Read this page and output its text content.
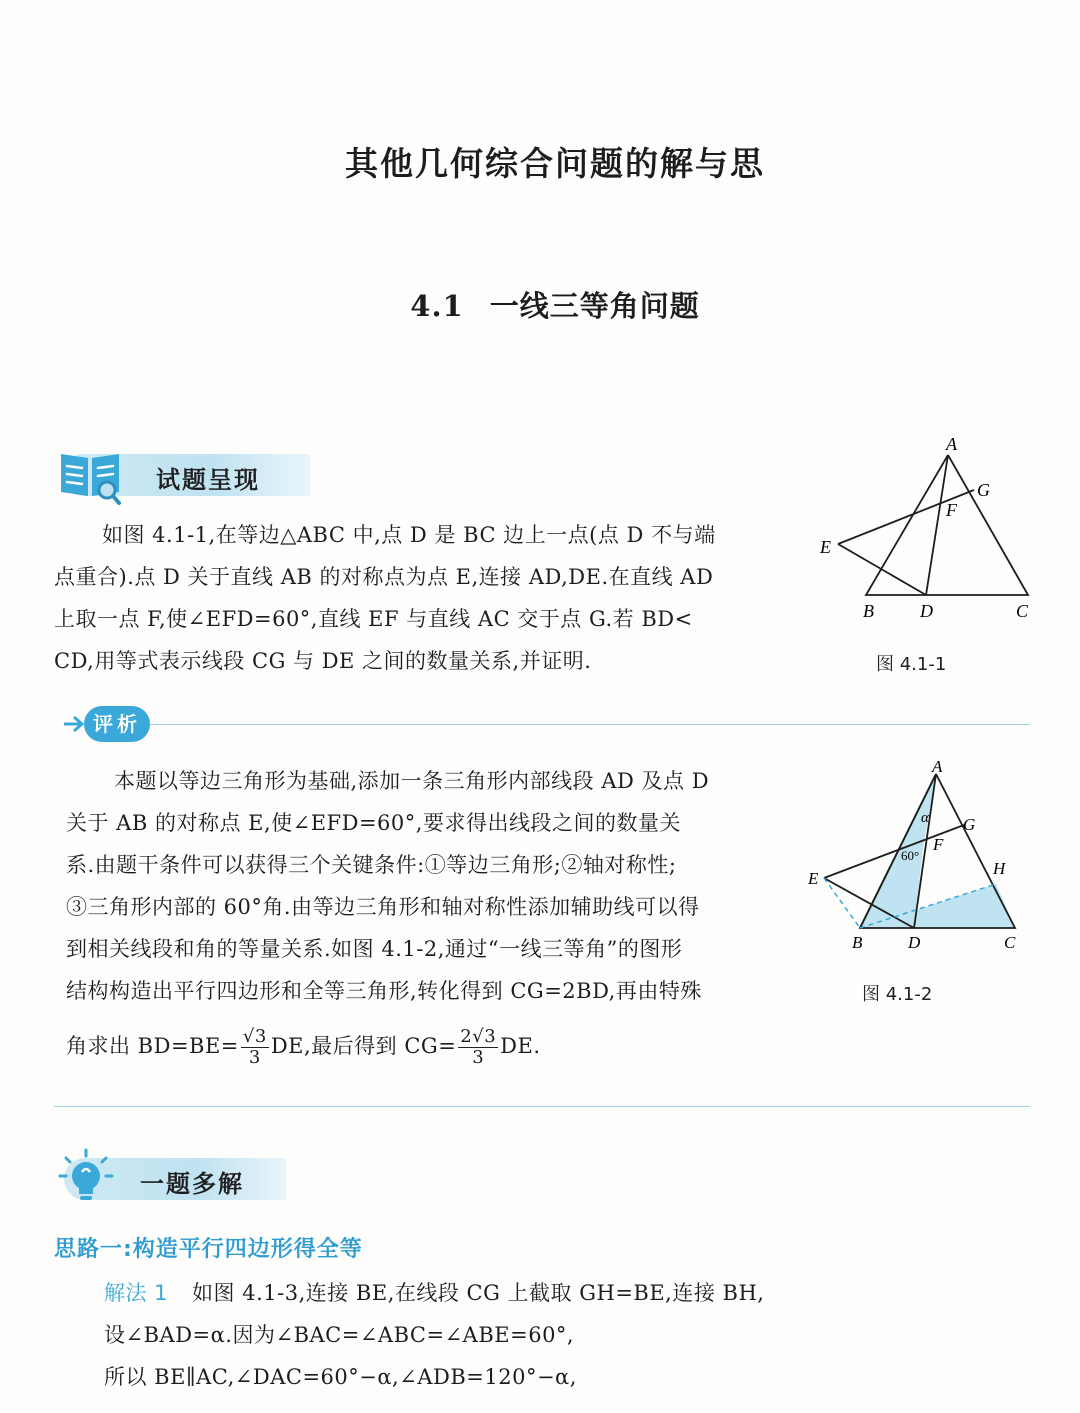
其他几何综合问题的解与思
4.1 一线三等角问题
试题呈现
如图 4.1-1,在等边△ABC 中,点 D 是 BC 边上一点(点 D 不与端
点重合).点 D 关于直线 AB 的对称点为点 E,连接 AD,DE.在直线 AD
上取一点 F,使∠EFD=60°,直线 EF 与直线 AC 交于点 G.若 BD<
CD,用等式表示线段 CG 与 DE 之间的数量关系,并证明.
A
G
F
E
B	D	C
图 4.1-1
评析
本题以等边三角形为基础,添加一条三角形内部线段 AD 及点 D
关于 AB 的对称点 E,使∠EFD=60°,要求得出线段之间的数量关
系.由题干条件可以获得三个关键条件:①等边三角形;②轴对称性;
③三角形内部的 60°角.由等边三角形和轴对称性添加辅助线可以得
到相关线段和角的等量关系.如图 4.1-2,通过“一线三等角”的图形
结构构造出平行四边形和全等三角形,转化得到 CG=2BD,再由特殊
角求出 $BD=BE= \frac{√3}{3}$ DE,最后得到 $CG= \frac{2√3}{3}$ DE.
A
α G
F
60°
E
H
B	D	C
图 4.1-2
一题多解
思路一:构造平行四边形得全等
解法 1 如图 4.1-3,连接 BE,在线段 CG 上截取 GH=BE,连接 BH,
设∠BAD=α.因为∠BAC=∠ABC=∠ABE=60°,
所以 BE∥AC,∠DAC=60°−α,∠ADB=120°−α,
